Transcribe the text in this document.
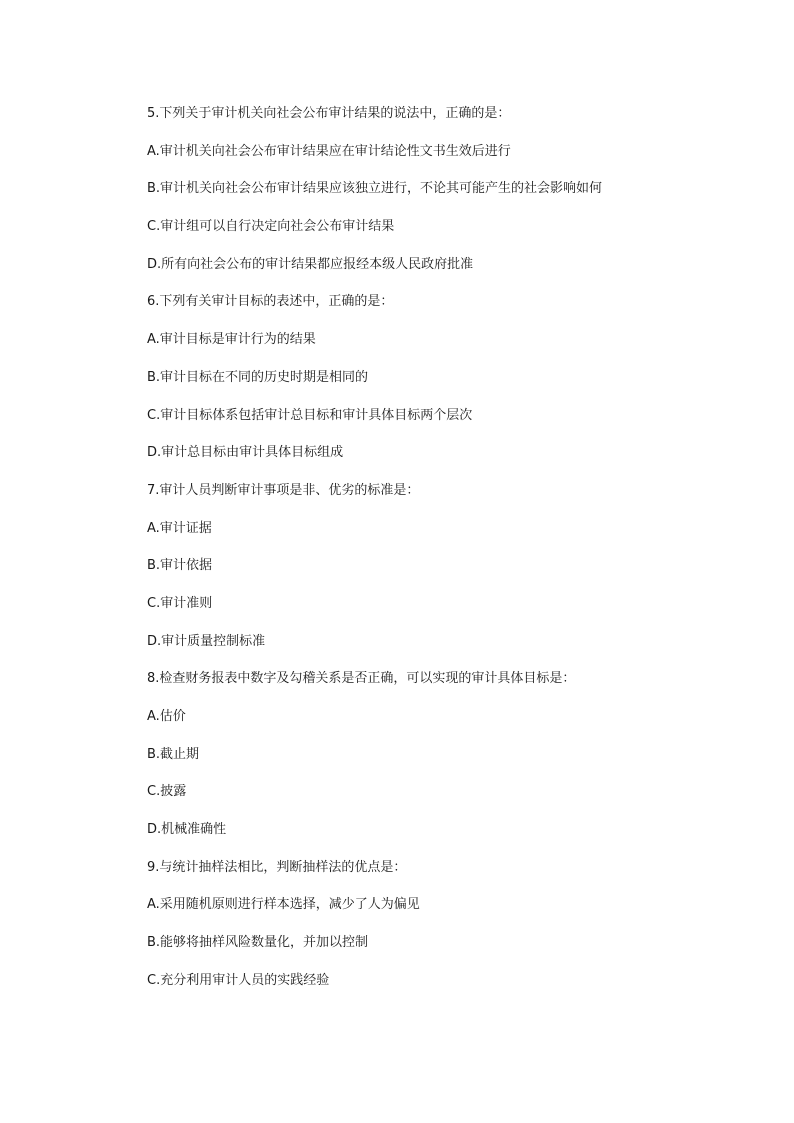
5.下列关于审计机关向社会公布审计结果的说法中，正确的是：
A.审计机关向社会公布审计结果应在审计结论性文书生效后进行
B.审计机关向社会公布审计结果应该独立进行，不论其可能产生的社会影响如何
C.审计组可以自行决定向社会公布审计结果
D.所有向社会公布的审计结果都应报经本级人民政府批准
6.下列有关审计目标的表述中，正确的是：
A.审计目标是审计行为的结果
B.审计目标在不同的历史时期是相同的
C.审计目标体系包括审计总目标和审计具体目标两个层次
D.审计总目标由审计具体目标组成
7.审计人员判断审计事项是非、优劣的标准是：
A.审计证据
B.审计依据
C.审计准则
D.审计质量控制标准
8.检查财务报表中数字及勾稽关系是否正确，可以实现的审计具体目标是：
A.估价
B.截止期
C.披露
D.机械准确性
9.与统计抽样法相比，判断抽样法的优点是：
A.采用随机原则进行样本选择，减少了人为偏见
B.能够将抽样风险数量化，并加以控制
C.充分利用审计人员的实践经验
